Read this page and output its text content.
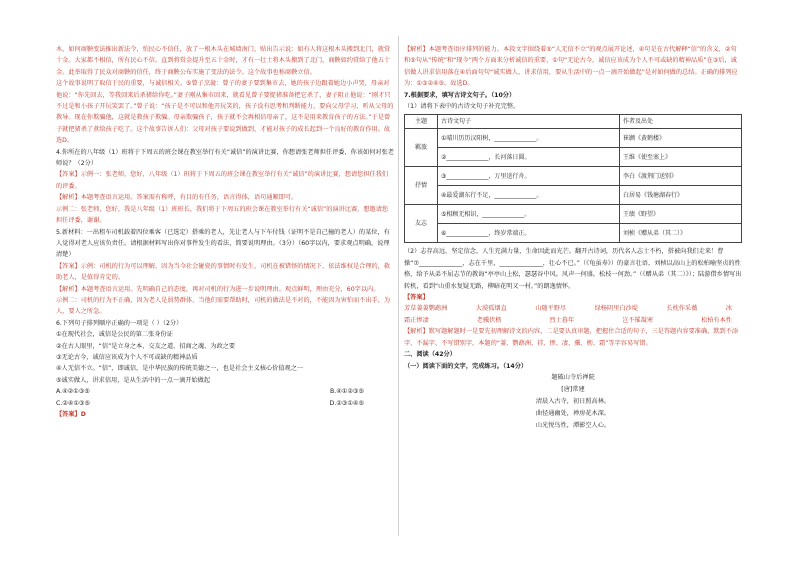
木，如何商鞅变法推出新法令，怕民心不信任，放了一根木头在城墙南门，贴出告示说：如有人将这根木头搬到北门，就赏十金。大家都不相信，所有民心不信。直到将赏金提升至五十金时，才有一壮士将木头搬到了北门，商鞅如约赏给了他五十金。此举取得了民众对商鞅的信任，终于商鞅公布实施了变法的法令。这个故事也称商鞅立信。

这个故事说明了取信于民的重要，与诚信相关。⑤曾子烹彘：曾子的妻子要到集市去，她的孩子边跟着她边小声哭，母亲对他说：“你先回去，等我回来后杀猪给你吃。”妻子刚从集市回来，就看见曾子要捉猪准备把它杀了，妻子阻止他说：“刚才只不过是和小孩子开玩笑罢了。”曾子说：“孩子是不可以和他开玩笑的，孩子没有思考和判断能力，要向父母学习，听从父母的教导。现在你欺骗他，这就是教孩子欺骗。母亲欺骗孩子，孩子就不会再相信母亲了，这不是用来教育孩子的方法。”于是曾子就把猪杀了煮给孩子吃了。这个故事告诉人们：父母对孩子要说到做到，才能对孩子的成长起到一个良好的教育作用。故选D。

4.你所在的八年级（1）班将于下周五的班会课在教室举行有关“诚信”的演讲比赛，你想请张老师担任评委，你该如何对张老师说？（2分）

【答案】示例一：张老师，您好，八年级（1）班将于下周五的班会课在教室举行有关“诚信”的演讲比赛，想请您担任我们的评委。

【解析】本题考查语言运用。答案需有称呼，有目的有任务，语言得体，语句通顺即可。

示例二：张老师，您好，我是八年级（1）班班长，我们将于下周五的班会课在教室举行有关“诚信”的演讲比赛，想邀请您担任评委，谢谢。

5.新材料：一出租车司机载着四位乘客（已选定）搭乘的老人，先让老人与下车付钱（证明不是自己撞的老人）的某位，有人觉得对老人应该负责任。请根据材料写出你对事件发生的看法，简要说明理由。（3分）（60字以内，要求观点明确，说理清楚）

【答案】示例：司机的行为可以理解，因为当今社会碰瓷的事情时有发生，司机在被错怪的情况下，依法维权是合理的，救助老人，是值得肯定的。

【解析】本题考查语言运用。先明确自己的态度，再对司机的行为进一步说明理由。观点鲜明，理由充分，60字以内。

示例二：司机的行为不正确，因为老人是弱势群体，当他们需要帮助时，司机的做法是不对的，不能因为害怕而不出手，为人，要人之所急。

6.下列句子排列顺序正确的一项是（ ）（2分）

①在现代社会，诚信是公民的第二张身份证

②在古人眼里，“信”是立身之本、交友之道、招商之魂、为政之要

③无论古今，诚信应该成为个人不可或缺的精神品质

④人无信不立。“信”，即诚信，是中华民族的传统美德之一，也是社会主义核心价值观之一

⑤诚实做人，讲求信用，是从生活中的一点一滴开始做起

A.④②①③⑤	B.④①②③⑤
C.②④①③⑤	D.②③①④⑤

【答案】D

【解析】本题考查语序排列的能力。本段文字围绕着⑤“人无信不立”的观点展开论述，④句是在古代解释“信”的含义，②句和⑤句从“传统”和“现今”两个方面来分析诚信的重要，①句“无论古今，诚信应该成为个人不可或缺的精神品质”在③后，诚信做人讲求信用落在④后面句句“诚实做人，讲求信用，要从生活中的一点一滴开始做起”是对如何做的总结。正确的排列应为：①③②④⑤。故选D。

7.根据要求，填写古诗文句子。（10分）

（1）请将下表中的古诗文句子补充完整。

主题	古诗文句子	作者及出处
羁旅	①晴川历历汉阳树，______________。	崔颢《黄鹤楼》
	②______________，长河落日圆。	王维《使至塞上》
抒情	③______________，万里送行舟。	李白《渡荆门送别》
	④最爱湖东行不足，______________。	白居易《钱塘湖春行》
友志	⑤相顾无相识，______________。	王绩《野望》
	⑥______________，终岁常端正。	刘桢《赠从弟（其二）》

（2）志存高远，坚定信念，人生充满力量，生命因此而光芒。翻开古诗词，历代名人志士不朽，搭被向我们走来！曹操“⑦______________，志在千里，______________，壮心不已。”（《龟虽寿》）的豪言壮语，刘桢以高山上的松柏喻坚贞的性格，给予从弟不屈志节的教诲“亭亭山上松，瑟瑟谷中风。风声一何盛，松枝一何劲。”（《赠从弟（其二）》）；陆游借乡情写出转机，看到“山重水复疑无路，柳暗花明又一村。”的朗逸情怀。

【答案】

芳草萋萋鹦鹉洲	大漠孤烟直	山随平野尽	绿杨阴里白沙堤	长枕作采薇	冰
霜正惨凄	老骥伏枥	烈士暮年	岂不罹凝寒	松柏有本性

【解析】默写题解题时一是要先初理解诗文的内容，二是要认真审题，把握住合适的句子，三是答题内容要准确，默到不添字、不漏字、不写错别字，本题的“萋、鹦鹉洲、挂、惨、凄、骥、枥、霜”等字容易写错。

二、阅读（42分）

（一）阅读下面的文字，完成练习。（14分）

题破山寺后禅院

[唐]常建

清晨入古寺，初日照高林。

曲径通幽处，禅房花木深。

山光悦鸟性，潭影空人心。
